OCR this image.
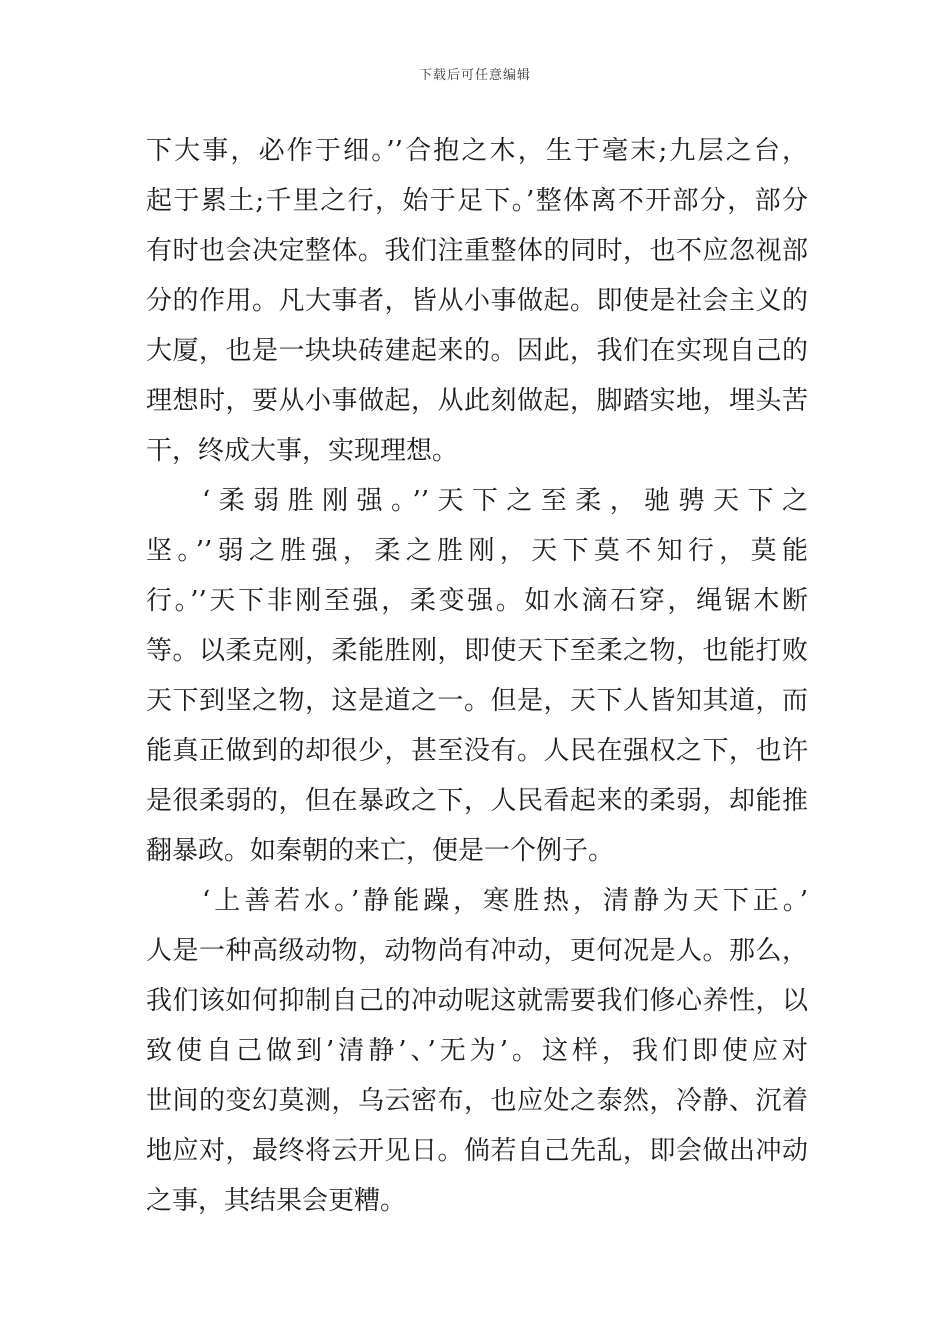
下载后可任意编辑
下大事，必作于细。’’合抱之木，生于毫末;九层之台，
起于累土;千里之行，始于足下。’整体离不开部分，部分
有时也会决定整体。我们注重整体的同时，也不应忽视部
分的作用。凡大事者，皆从小事做起。即使是社会主义的
大厦，也是一块块砖建起来的。因此，我们在实现自己的
理想时，要从小事做起，从此刻做起，脚踏实地，埋头苦
干，终成大事，实现理想。
‘柔弱胜刚强。’’天下之至柔，驰骋天下之
坚。’’弱之胜强，柔之胜刚，天下莫不知行，莫能
行。’’天下非刚至强，柔变强。如水滴石穿，绳锯木断
等。以柔克刚，柔能胜刚，即使天下至柔之物，也能打败
天下到坚之物，这是道之一。但是，天下人皆知其道，而
能真正做到的却很少，甚至没有。人民在强权之下，也许
是很柔弱的，但在暴政之下，人民看起来的柔弱，却能推
翻暴政。如秦朝的来亡，便是一个例子。
‘上善若水。’静能躁，寒胜热，清静为天下正。’
人是一种高级动物，动物尚有冲动，更何况是人。那么，
我们该如何抑制自己的冲动呢这就需要我们修心养性，以
致使自己做到’清静’、’无为’。这样，我们即使应对
世间的变幻莫测，乌云密布，也应处之泰然，冷静、沉着
地应对，最终将云开见日。倘若自己先乱，即会做出冲动
之事，其结果会更糟。
